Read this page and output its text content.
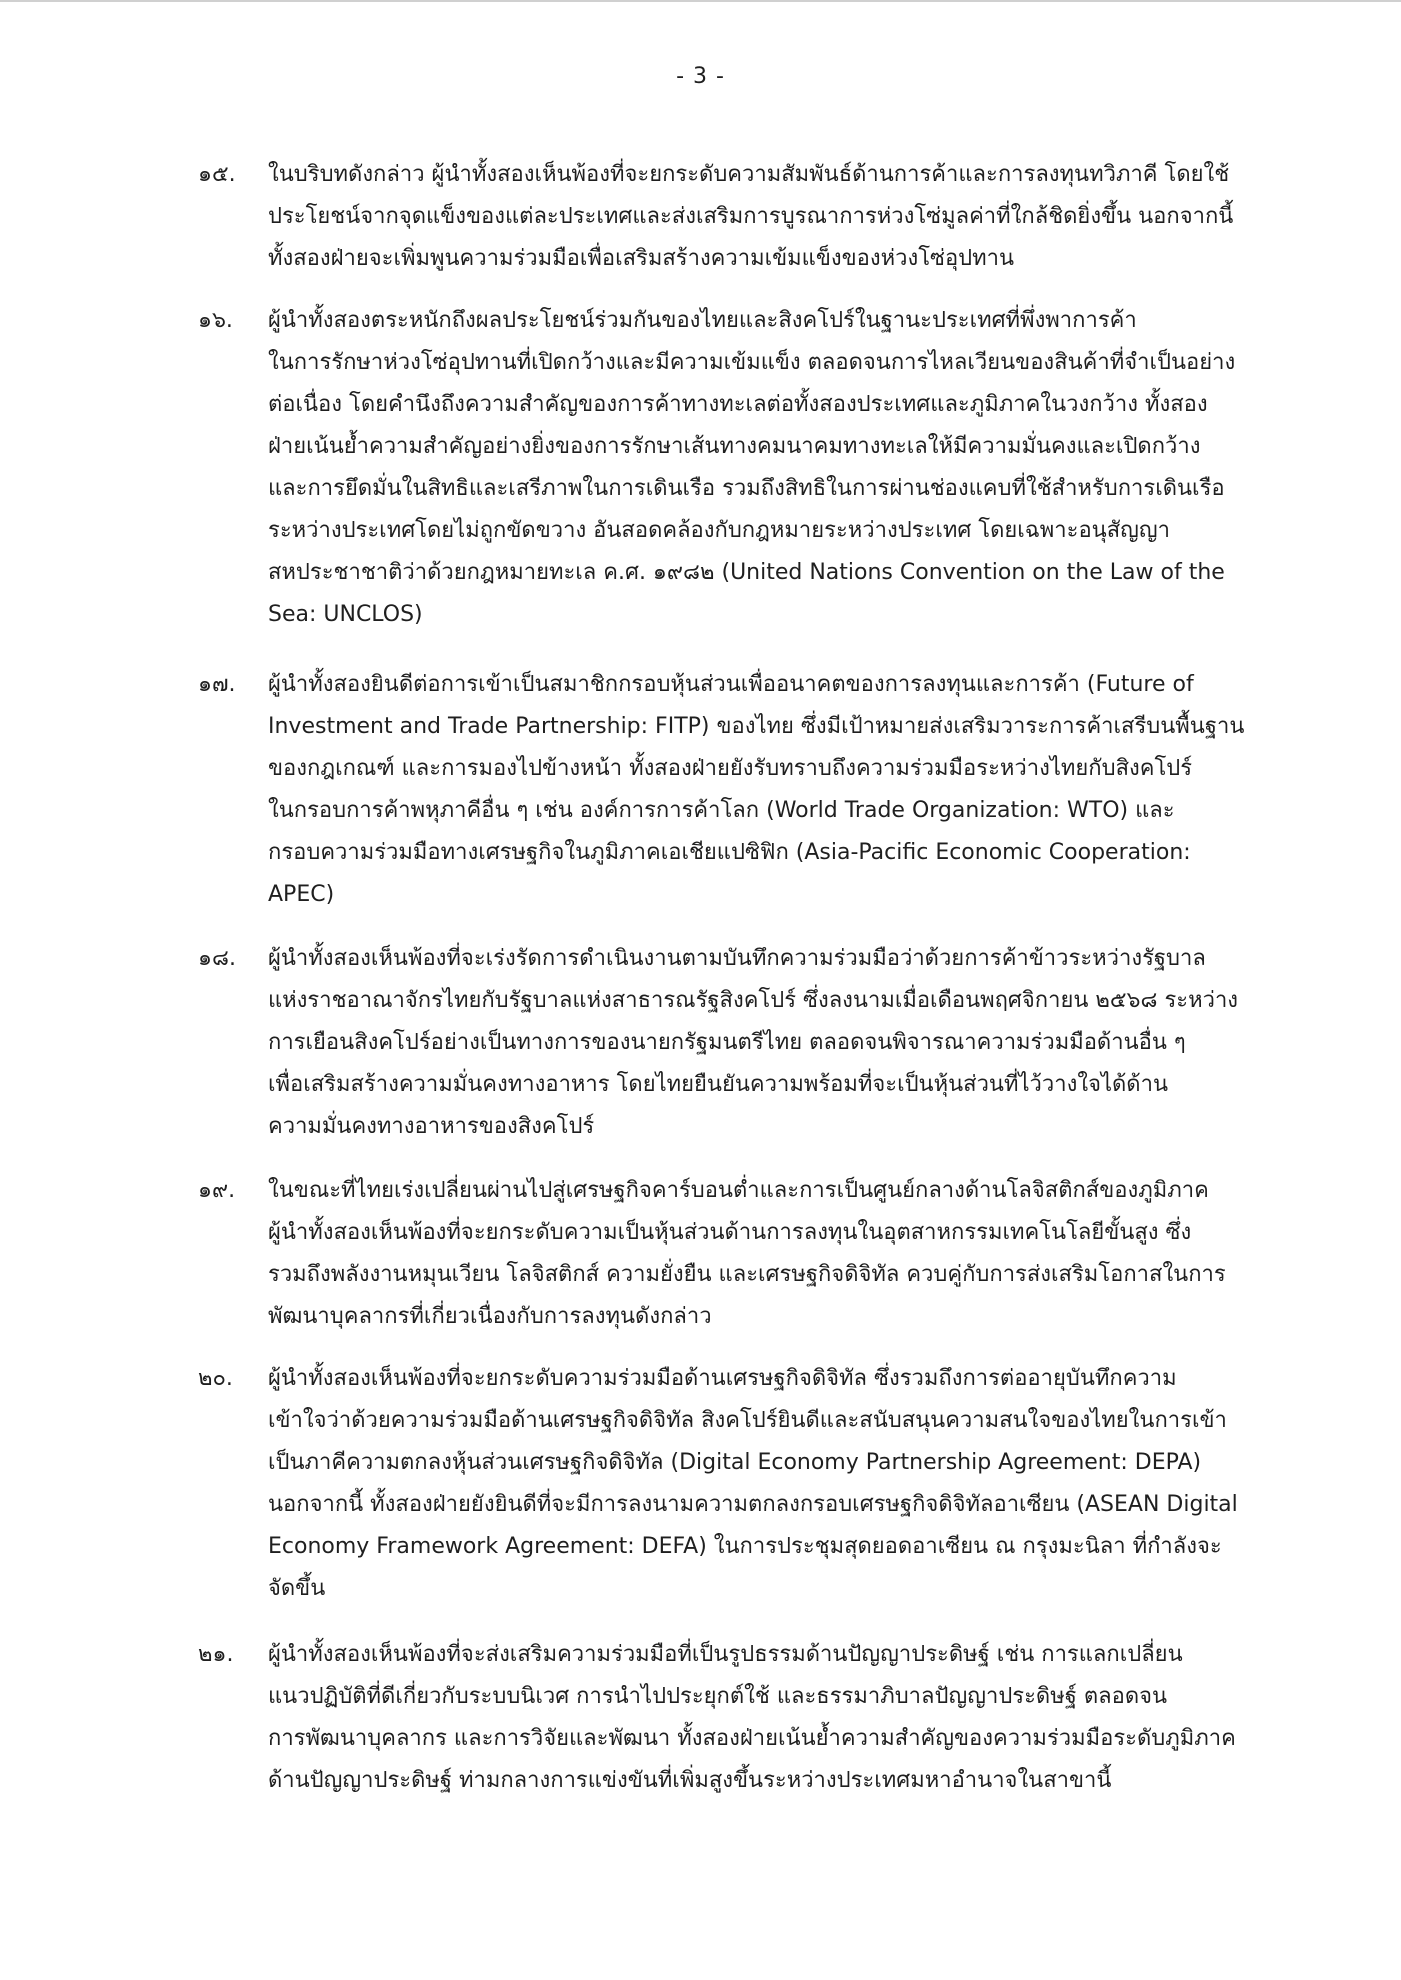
- 3 -
๑๕. ในบริบทดังกล่าว ผู้นำทั้งสองเห็นพ้องที่จะยกระดับความสัมพันธ์ด้านการค้าและการลงทุนทวิภาคี โดยใช้
ประโยชน์จากจุดแข็งของแต่ละประเทศและส่งเสริมการบูรณาการห่วงโซ่มูลค่าที่ใกล้ชิดยิ่งขึ้น นอกจากนี้
ทั้งสองฝ่ายจะเพิ่มพูนความร่วมมือเพื่อเสริมสร้างความเข้มแข็งของห่วงโซ่อุปทาน
๑๖. ผู้นำทั้งสองตระหนักถึงผลประโยชน์ร่วมกันของไทยและสิงคโปร์ในฐานะประเทศที่พึ่งพาการค้า
ในการรักษาห่วงโซ่อุปทานที่เปิดกว้างและมีความเข้มแข็ง ตลอดจนการไหลเวียนของสินค้าที่จำเป็นอย่าง
ต่อเนื่อง โดยคำนึงถึงความสำคัญของการค้าทางทะเลต่อทั้งสองประเทศและภูมิภาคในวงกว้าง ทั้งสอง
ฝ่ายเน้นย้ำความสำคัญอย่างยิ่งของการรักษาเส้นทางคมนาคมทางทะเลให้มีความมั่นคงและเปิดกว้าง
และการยึดมั่นในสิทธิและเสรีภาพในการเดินเรือ รวมถึงสิทธิในการผ่านช่องแคบที่ใช้สำหรับการเดินเรือ
ระหว่างประเทศโดยไม่ถูกขัดขวาง อันสอดคล้องกับกฎหมายระหว่างประเทศ โดยเฉพาะอนุสัญญา
สหประชาชาติว่าด้วยกฎหมายทะเล ค.ศ. ๑๙๘๒ (United Nations Convention on the Law of the
Sea: UNCLOS)
๑๗. ผู้นำทั้งสองยินดีต่อการเข้าเป็นสมาชิกกรอบหุ้นส่วนเพื่ออนาคตของการลงทุนและการค้า (Future of
Investment and Trade Partnership: FITP) ของไทย ซึ่งมีเป้าหมายส่งเสริมวาระการค้าเสรีบนพื้นฐาน
ของกฎเกณฑ์ และการมองไปข้างหน้า ทั้งสองฝ่ายยังรับทราบถึงความร่วมมือระหว่างไทยกับสิงคโปร์
ในกรอบการค้าพหุภาคีอื่น ๆ เช่น องค์การการค้าโลก (World Trade Organization: WTO) และ
กรอบความร่วมมือทางเศรษฐกิจในภูมิภาคเอเชียแปซิฟิก (Asia-Pacific Economic Cooperation:
APEC)
๑๘. ผู้นำทั้งสองเห็นพ้องที่จะเร่งรัดการดำเนินงานตามบันทึกความร่วมมือว่าด้วยการค้าข้าวระหว่างรัฐบาล
แห่งราชอาณาจักรไทยกับรัฐบาลแห่งสาธารณรัฐสิงคโปร์ ซึ่งลงนามเมื่อเดือนพฤศจิกายน ๒๕๖๘ ระหว่าง
การเยือนสิงคโปร์อย่างเป็นทางการของนายกรัฐมนตรีไทย ตลอดจนพิจารณาความร่วมมือด้านอื่น ๆ
เพื่อเสริมสร้างความมั่นคงทางอาหาร โดยไทยยืนยันความพร้อมที่จะเป็นหุ้นส่วนที่ไว้วางใจได้ด้าน
ความมั่นคงทางอาหารของสิงคโปร์
๑๙. ในขณะที่ไทยเร่งเปลี่ยนผ่านไปสู่เศรษฐกิจคาร์บอนต่ำและการเป็นศูนย์กลางด้านโลจิสติกส์ของภูมิภาค
ผู้นำทั้งสองเห็นพ้องที่จะยกระดับความเป็นหุ้นส่วนด้านการลงทุนในอุตสาหกรรมเทคโนโลยีขั้นสูง ซึ่ง
รวมถึงพลังงานหมุนเวียน โลจิสติกส์ ความยั่งยืน และเศรษฐกิจดิจิทัล ควบคู่กับการส่งเสริมโอกาสในการ
พัฒนาบุคลากรที่เกี่ยวเนื่องกับการลงทุนดังกล่าว
๒๐. ผู้นำทั้งสองเห็นพ้องที่จะยกระดับความร่วมมือด้านเศรษฐกิจดิจิทัล ซึ่งรวมถึงการต่ออายุบันทึกความ
เข้าใจว่าด้วยความร่วมมือด้านเศรษฐกิจดิจิทัล สิงคโปร์ยินดีและสนับสนุนความสนใจของไทยในการเข้า
เป็นภาคีความตกลงหุ้นส่วนเศรษฐกิจดิจิทัล (Digital Economy Partnership Agreement: DEPA)
นอกจากนี้ ทั้งสองฝ่ายยังยินดีที่จะมีการลงนามความตกลงกรอบเศรษฐกิจดิจิทัลอาเซียน (ASEAN Digital
Economy Framework Agreement: DEFA) ในการประชุมสุดยอดอาเซียน ณ กรุงมะนิลา ที่กำลังจะ
จัดขึ้น
๒๑. ผู้นำทั้งสองเห็นพ้องที่จะส่งเสริมความร่วมมือที่เป็นรูปธรรมด้านปัญญาประดิษฐ์ เช่น การแลกเปลี่ยน
แนวปฏิบัติที่ดีเกี่ยวกับระบบนิเวศ การนำไปประยุกต์ใช้ และธรรมาภิบาลปัญญาประดิษฐ์ ตลอดจน
การพัฒนาบุคลากร และการวิจัยและพัฒนา ทั้งสองฝ่ายเน้นย้ำความสำคัญของความร่วมมือระดับภูมิภาค
ด้านปัญญาประดิษฐ์ ท่ามกลางการแข่งขันที่เพิ่มสูงขึ้นระหว่างประเทศมหาอำนาจในสาขานี้
